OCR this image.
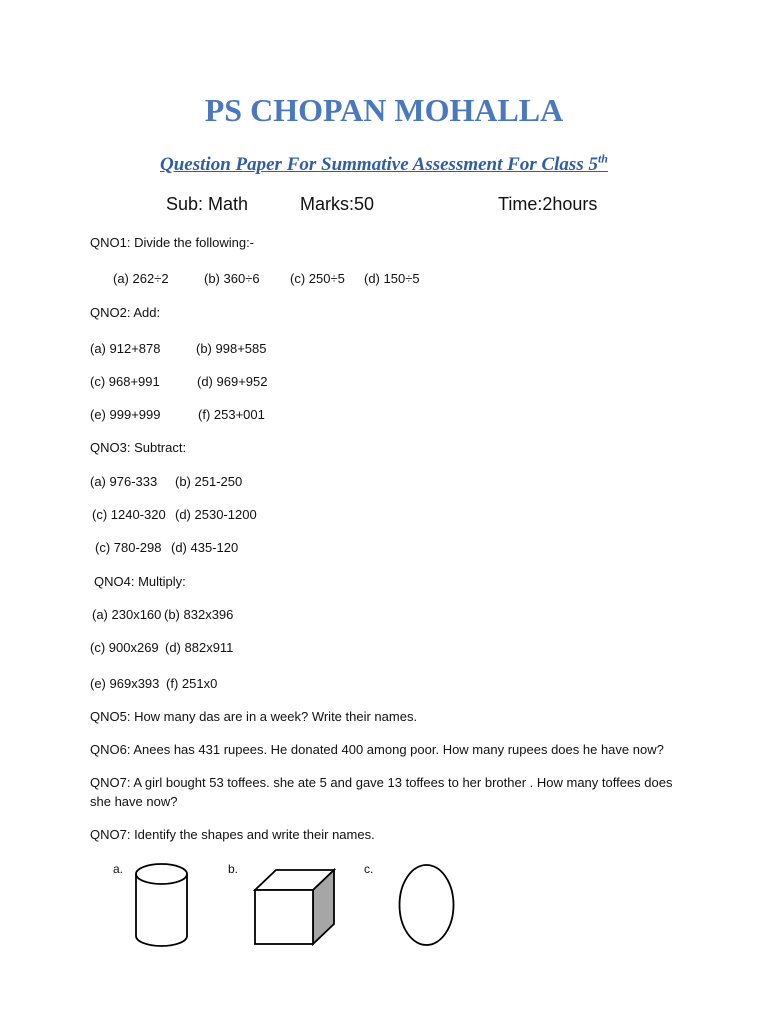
PS CHOPAN MOHALLA
Question Paper For Summative Assessment For Class 5th
Sub: Math	Marks:50	Time:2hours
QNO1: Divide the following:-
(a) 262÷2	(b) 360÷6 (c) 250÷5 (d) 150÷5
QNO2: Add:
(a) 912+878	(b) 998+585
(c) 968+991	(d) 969+952
(e) 999+999	(f) 253+001
QNO3: Subtract:
(a) 976-333 (b) 251-250
(c) 1240-320 (d) 2530-1200
(c) 780-298 (d) 435-120
QNO4: Multiply:
(a) 230x160 (b) 832x396
(c) 900x269 (d) 882x911
(e) 969x393 (f) 251x0
QNO5: How many das are in a week? Write their names.
QNO6: Anees has 431 rupees. He donated 400 among poor. How many rupees does he have now?
QNO7: A girl bought 53 toffees. she ate 5 and gave 13 toffees to her brother . How many toffees does
she have now?
QNO7: Identify the shapes and write their names.
a.	b.	c.
